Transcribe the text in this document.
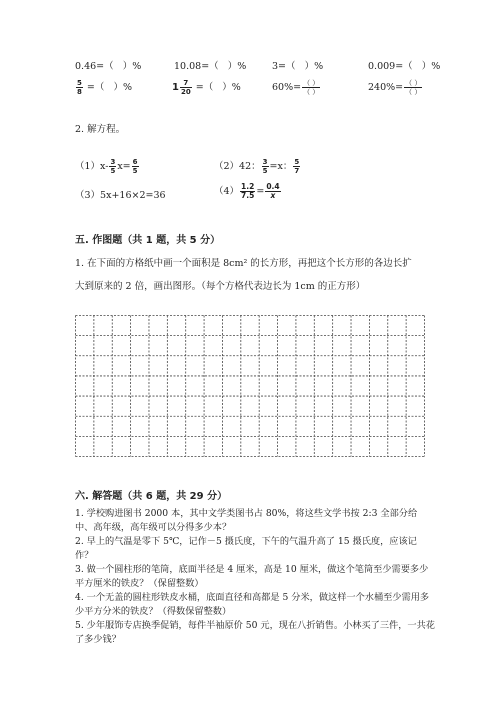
0.46=（ ）%	10.08=（ ）%	3=（ ）%	0.009=（ ）%
$\frac{5}{8}$ =（ ）%	$1 \frac{7}{20}$ =（ ）%	$60\%= \frac{( )}{( )}$	$240\%= \frac{( )}{( )}$
2. 解方程。
$(1)x- \frac{3}{5} x= \frac{6}{5}$	（2）42： $\frac{3}{5} =x$： $\frac{5}{7}$
（3）5x+16×2=36	$(4) \frac{1.2}{7.5} = \frac{0.4}{x}$
五. 作图题（共 1 题，共 5 分）
1. 在下面的方格纸中画一个面积是 8cm² 的长方形，再把这个长方形的各边长扩
大到原来的 2 倍，画出图形。（每个方格代表边长为 1cm 的正方形）
六. 解答题（共 6 题，共 29 分）
1. 学校购进图书 2000 本，其中文学类图书占 80%，将这些文学书按 2:3 全部分给中、高年级，高年级可以分得多少本？
2. 早上的气温是零下 5℃，记作－5 摄氏度，下午的气温升高了 15 摄氏度，应该记作？
3. 做一个圆柱形的笔筒，底面半径是 4 厘米，高是 10 厘米，做这个笔筒至少需要多少平方厘米的铁皮？（保留整数）
4. 一个无盖的圆柱形铁皮水桶，底面直径和高都是 5 分米，做这样一个水桶至少需用多少平方分米的铁皮？（得数保留整数）
5. 少年服饰专店换季促销，每件半袖原价 50 元，现在八折销售。小林买了三件，一共花了多少钱？
